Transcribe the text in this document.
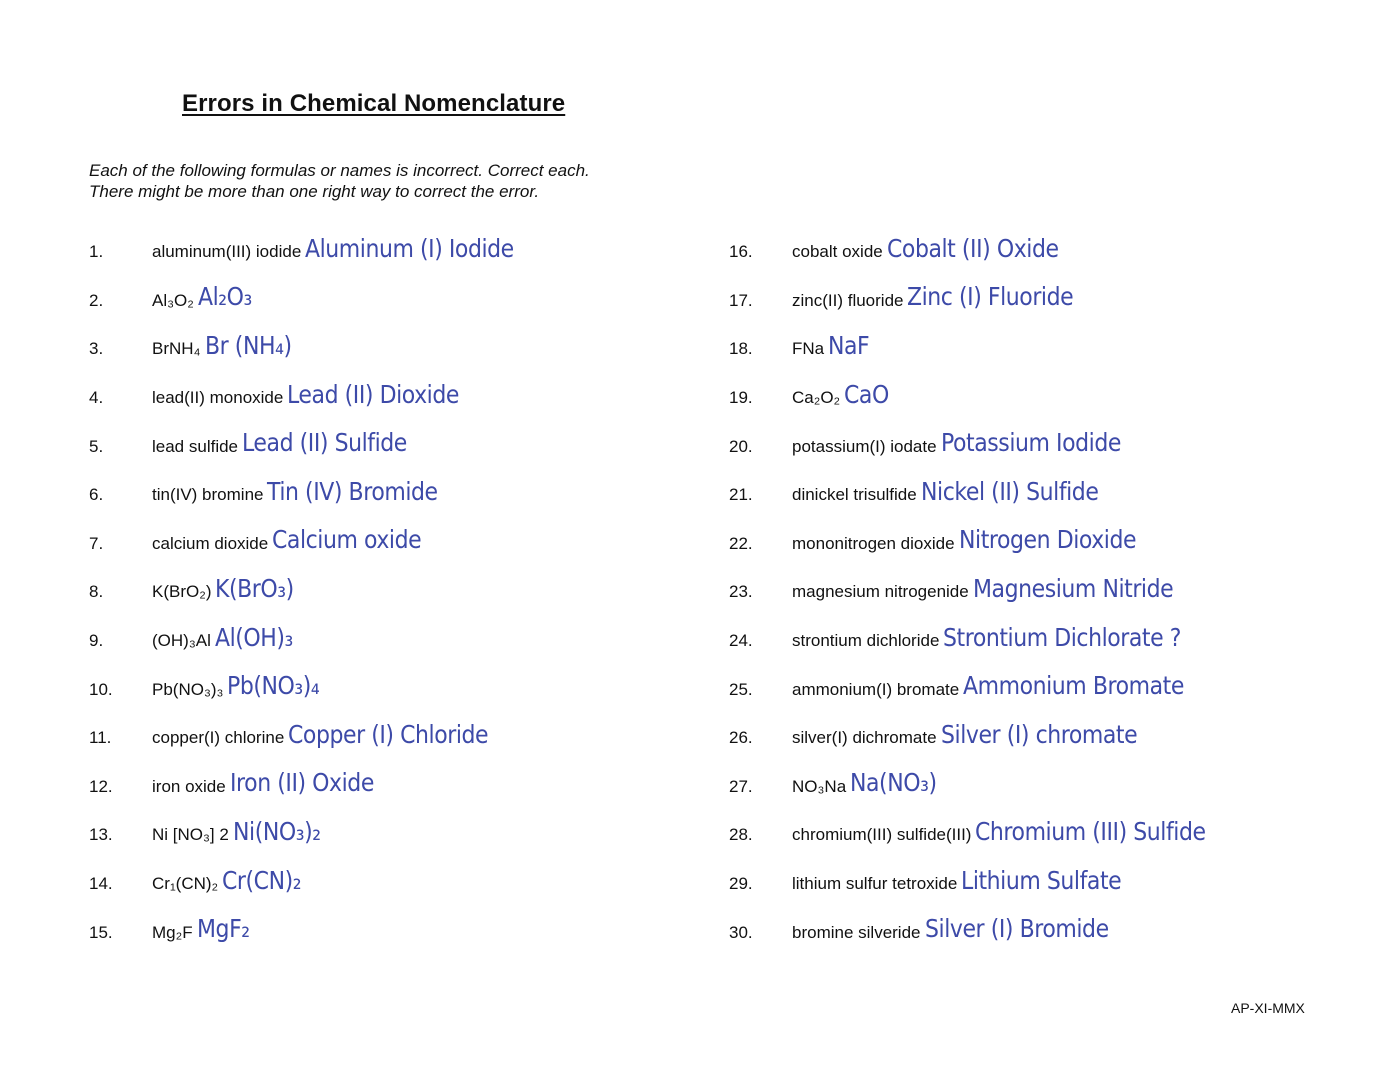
Errors in Chemical Nomenclature
Each of the following formulas or names is incorrect. Correct each.
There might be more than one right way to correct the error.
1.	aluminum(III) iodide Aluminum (I) Iodide
2.	Al₃O₂ Al₂O₃
3.	BrNH₄ Br (NH₄)
4.	lead(II) monoxide Lead (II) Dioxide
5.	lead sulfide Lead (II) Sulfide
6.	tin(IV) bromine Tin (IV) Bromide
7.	calcium dioxide Calcium oxide
8.	K(BrO₂) K(BrO₃)
9.	(OH)₃Al Al(OH)₃
10.	Pb(NO₃)₃ Pb(NO₃)₄
11.	copper(I) chlorine Copper (I) Chloride
12.	iron oxide Iron (II) Oxide
13.	Ni [NO₃] 2 Ni(NO₃)₂
14.	Cr₁(CN)₂ Cr(CN)₂
15.	Mg₂F MgF₂
16.	cobalt oxide Cobalt (II) Oxide
17.	zinc(II) fluoride Zinc (I) Fluoride
18.	FNa NaF
19.	Ca₂O₂ CaO
20.	potassium(I) iodate Potassium Iodide
21.	dinickel trisulfide Nickel (II) Sulfide
22.	mononitrogen dioxide Nitrogen Dioxide
23.	magnesium nitrogenide Magnesium Nitride
24.	strontium dichloride Strontium Dichlorate ?
25.	ammonium(I) bromate Ammonium Bromate
26.	silver(I) dichromate Silver (I) chromate
27.	NO₃Na Na(NO₃)
28.	chromium(III) sulfide(III) Chromium (III) Sulfide
29.	lithium sulfur tetroxide Lithium Sulfate
30.	bromine silveride Silver (I) Bromide
AP-XI-MMX
